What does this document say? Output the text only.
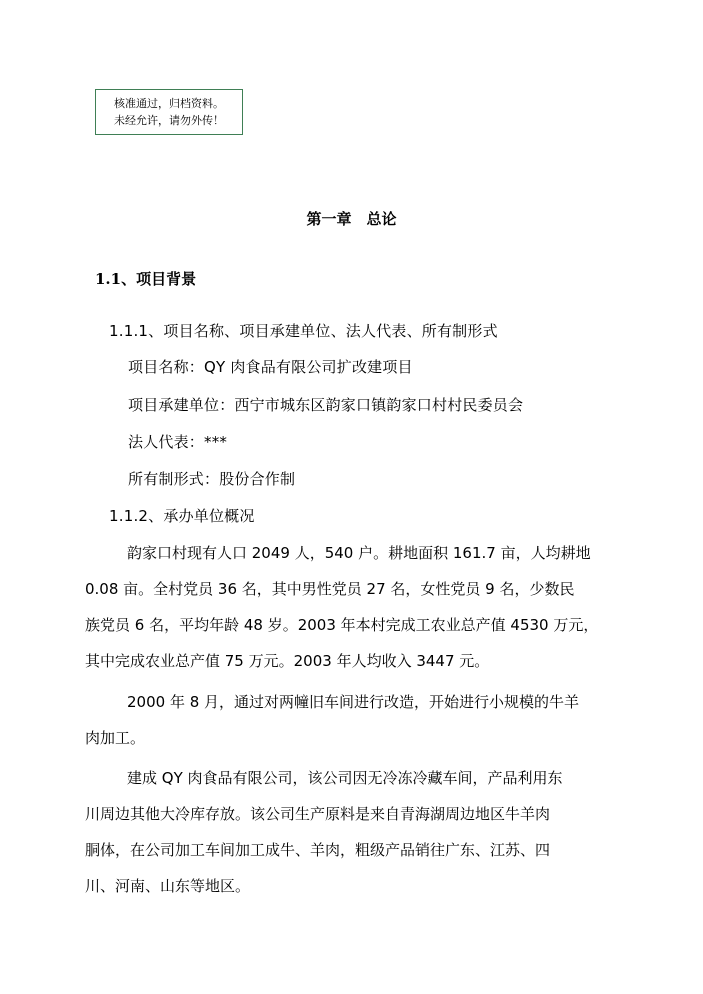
核准通过，归档资料。
未经允许，请勿外传！
第一章　总论
1.1、项目背景
1.1.1、项目名称、项目承建单位、法人代表、所有制形式
项目名称：QY 肉食品有限公司扩改建项目
项目承建单位：西宁市城东区韵家口镇韵家口村村民委员会
法人代表：***
所有制形式：股份合作制
1.1.2、承办单位概况
韵家口村现有人口 2049 人，540 户。耕地面积 161.7 亩，人均耕地
0.08 亩。全村党员 36 名，其中男性党员 27 名，女性党员 9 名，少数民
族党员 6 名，平均年龄 48 岁。2003 年本村完成工农业总产值 4530 万元，
其中完成农业总产值 75 万元。2003 年人均收入 3447 元。
2000 年 8 月，通过对两幢旧车间进行改造，开始进行小规模的牛羊
肉加工。
建成 QY 肉食品有限公司，该公司因无冷冻冷藏车间，产品利用东
川周边其他大冷库存放。该公司生产原料是来自青海湖周边地区牛羊肉
胴体，在公司加工车间加工成牛、羊肉，粗级产品销往广东、江苏、四
川、河南、山东等地区。
